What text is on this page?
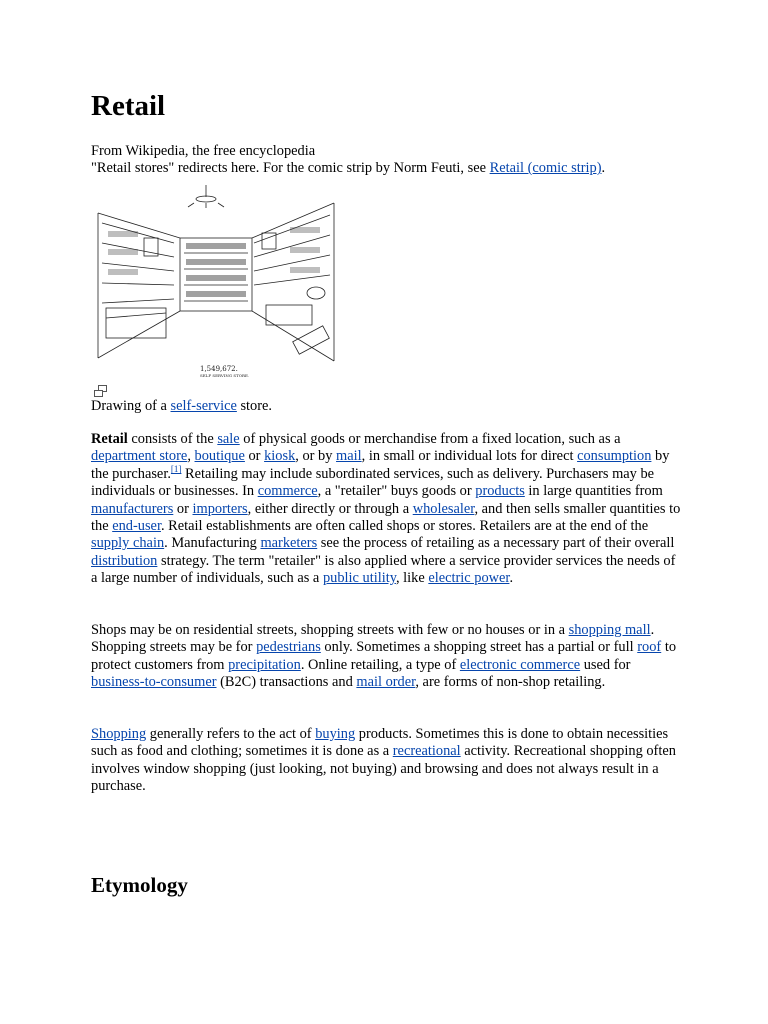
Retail
From Wikipedia, the free encyclopedia
"Retail stores" redirects here. For the comic strip by Norm Feuti, see Retail (comic strip).
1,549,672.
SELF SERVING STORE.
Drawing of a self-service store.
Retail consists of the sale of physical goods or merchandise from a fixed location, such as a department store, boutique or kiosk, or by mail, in small or individual lots for direct consumption by the purchaser.[1] Retailing may include subordinated services, such as delivery. Purchasers may be individuals or businesses. In commerce, a "retailer" buys goods or products in large quantities from manufacturers or importers, either directly or through a wholesaler, and then sells smaller quantities to the end-user. Retail establishments are often called shops or stores. Retailers are at the end of the supply chain. Manufacturing marketers see the process of retailing as a necessary part of their overall distribution strategy. The term "retailer" is also applied where a service provider services the needs of a large number of individuals, such as a public utility, like electric power.
Shops may be on residential streets, shopping streets with few or no houses or in a shopping mall. Shopping streets may be for pedestrians only. Sometimes a shopping street has a partial or full roof to protect customers from precipitation. Online retailing, a type of electronic commerce used for business-to-consumer (B2C) transactions and mail order, are forms of non-shop retailing.
Shopping generally refers to the act of buying products. Sometimes this is done to obtain necessities such as food and clothing; sometimes it is done as a recreational activity. Recreational shopping often involves window shopping (just looking, not buying) and browsing and does not always result in a purchase.
Etymology
